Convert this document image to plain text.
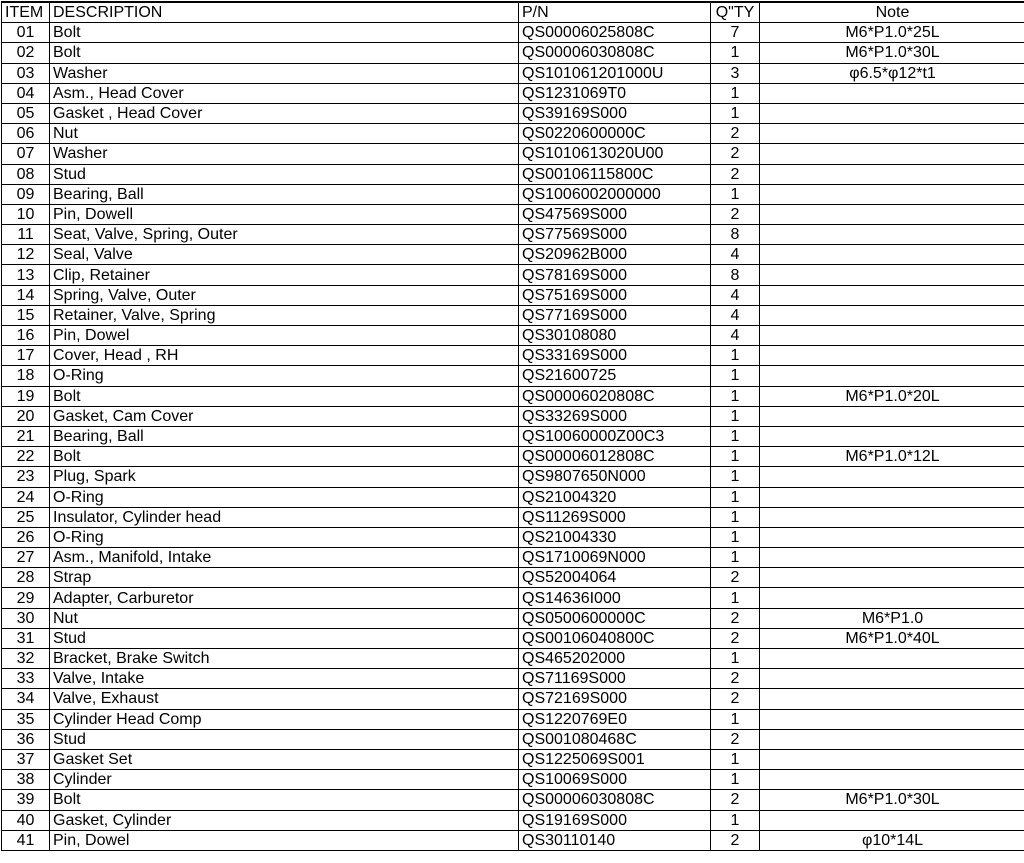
ITEM	DESCRIPTION	P/N	Q"TY	Note
01	Bolt	QS00006025808C	7	M6*P1.0*25L
02	Bolt	QS00006030808C	1	M6*P1.0*30L
03	Washer	QS101061201000U	3	φ6.5*φ12*t1
04	Asm., Head Cover	QS1231069T0	1	
05	Gasket , Head Cover	QS39169S000	1	
06	Nut	QS0220600000C	2	
07	Washer	QS1010613020U00	2	
08	Stud	QS00106115800C	2	
09	Bearing, Ball	QS1006002000000	1	
10	Pin, Dowell	QS47569S000	2	
11	Seat, Valve, Spring, Outer	QS77569S000	8	
12	Seal, Valve	QS20962B000	4	
13	Clip, Retainer	QS78169S000	8	
14	Spring, Valve, Outer	QS75169S000	4	
15	Retainer, Valve, Spring	QS77169S000	4	
16	Pin, Dowel	QS30108080	4	
17	Cover, Head , RH	QS33169S000	1	
18	O-Ring	QS21600725	1	
19	Bolt	QS00006020808C	1	M6*P1.0*20L
20	Gasket, Cam Cover	QS33269S000	1	
21	Bearing, Ball	QS10060000Z00C3	1	
22	Bolt	QS00006012808C	1	M6*P1.0*12L
23	Plug, Spark	QS9807650N000	1	
24	O-Ring	QS21004320	1	
25	Insulator, Cylinder head	QS11269S000	1	
26	O-Ring	QS21004330	1	
27	Asm., Manifold, Intake	QS1710069N000	1	
28	Strap	QS52004064	2	
29	Adapter, Carburetor	QS14636I000	1	
30	Nut	QS0500600000C	2	M6*P1.0
31	Stud	QS00106040800C	2	M6*P1.0*40L
32	Bracket, Brake Switch	QS465202000	1	
33	Valve, Intake	QS71169S000	2	
34	Valve, Exhaust	QS72169S000	2	
35	Cylinder Head Comp	QS1220769E0	1	
36	Stud	QS001080468C	2	
37	Gasket Set	QS1225069S001	1	
38	Cylinder	QS10069S000	1	
39	Bolt	QS00006030808C	2	M6*P1.0*30L
40	Gasket, Cylinder	QS19169S000	1	
41	Pin, Dowel	QS30110140	2	φ10*14L
